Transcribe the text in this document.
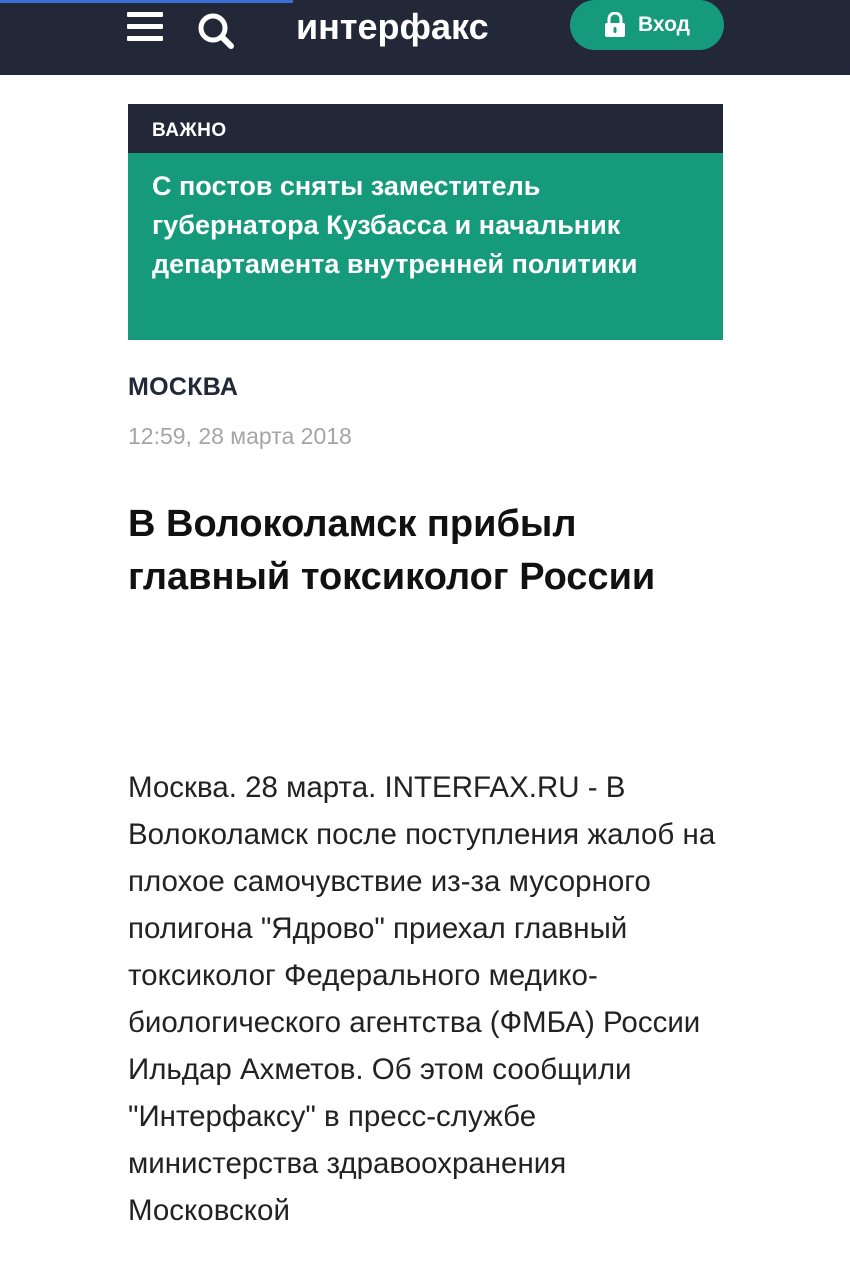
интерфакс	Вход
ВАЖНО
С постов сняты заместитель губернатора Кузбасса и начальник департамента внутренней политики
МОСКВА
12:59, 28 марта 2018
В Волоколамск прибыл главный токсиколог России

Москва. 28 марта. INTERFAX.RU - В Волоколамск после поступления жалоб на плохое самочувствие из-за мусорного полигона "Ядрово" приехал главный токсиколог Федерального медико-биологического агентства (ФМБА) России Ильдар Ахметов. Об этом сообщили "Интерфаксу" в пресс-службе министерства здравоохранения Московской
